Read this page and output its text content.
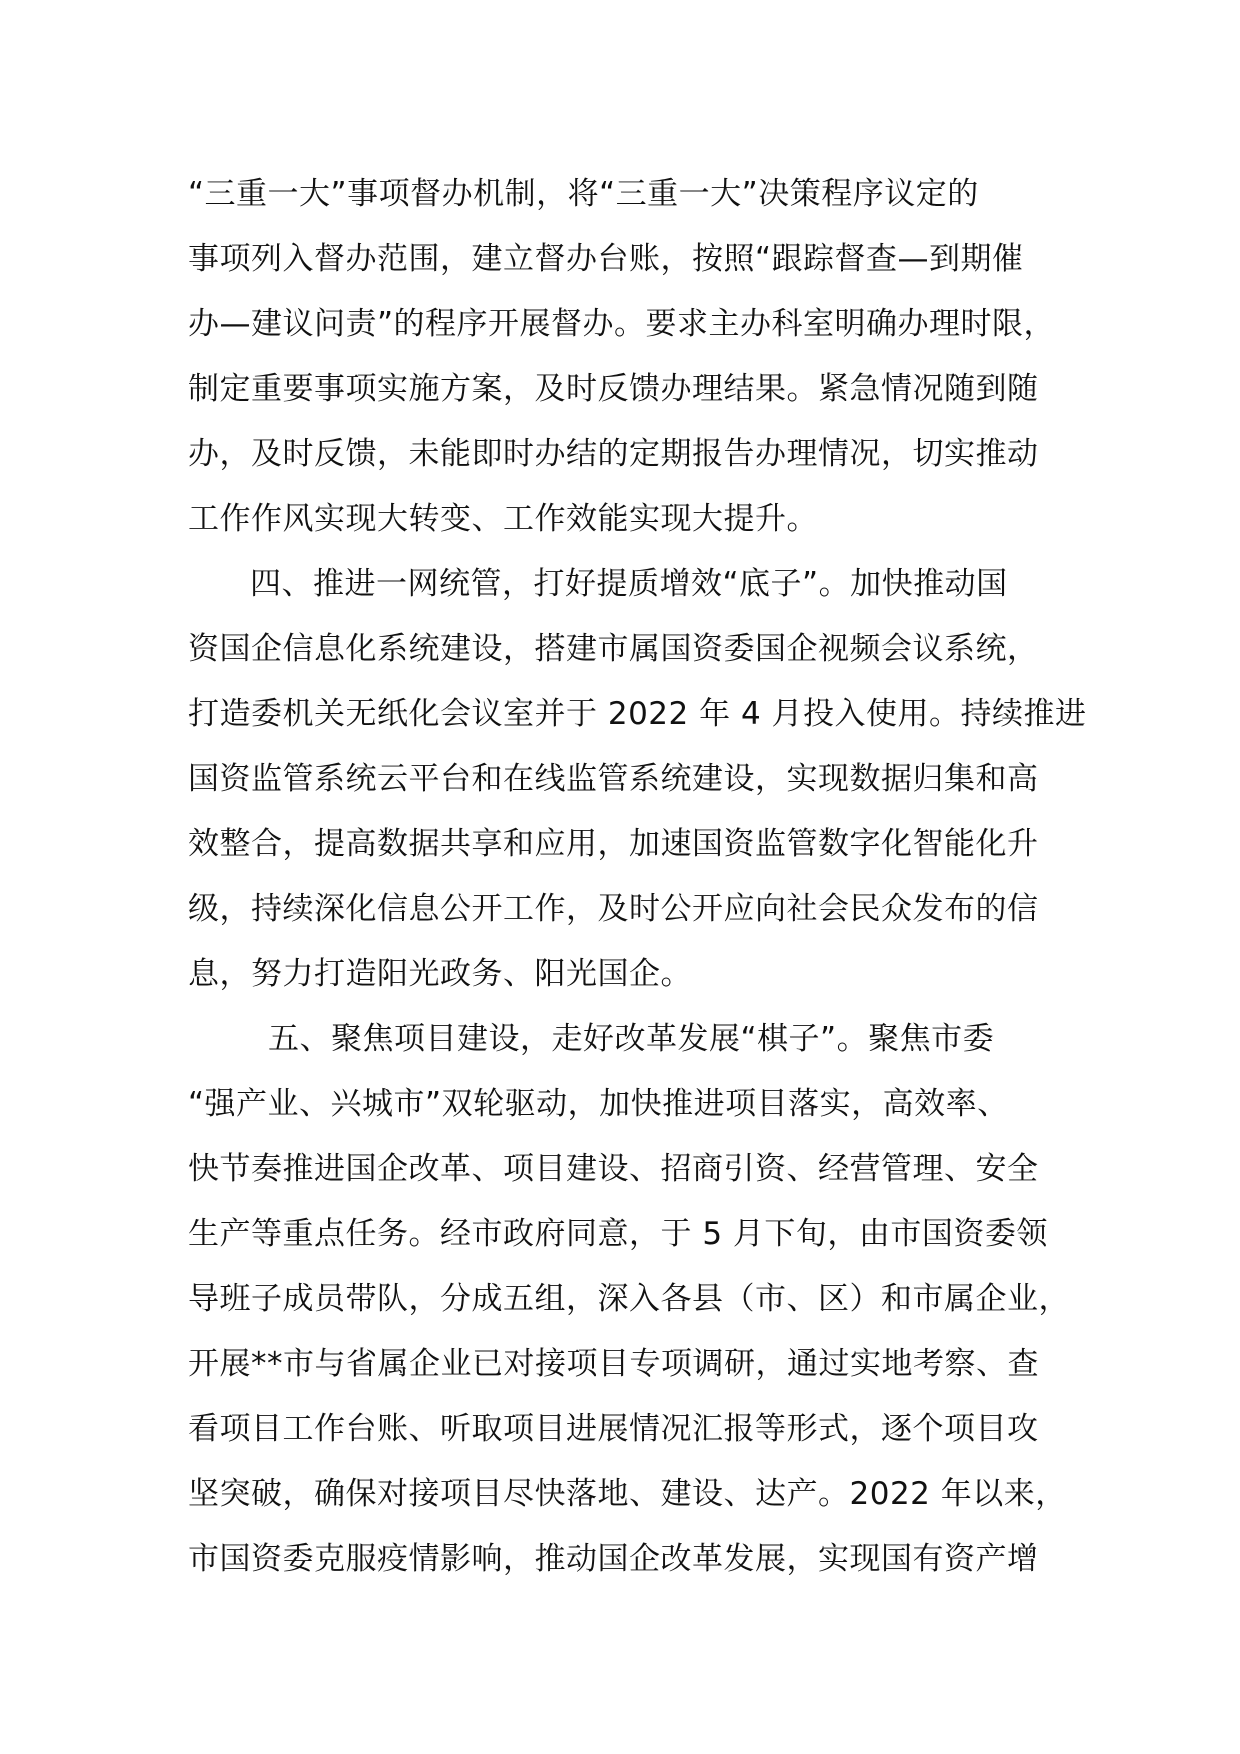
“三重一大”事项督办机制，将“三重一大”决策程序议定的
事项列入督办范围，建立督办台账，按照“跟踪督查—到期催
办—建议问责”的程序开展督办。要求主办科室明确办理时限，
制定重要事项实施方案，及时反馈办理结果。紧急情况随到随
办，及时反馈，未能即时办结的定期报告办理情况，切实推动
工作作风实现大转变、工作效能实现大提升。
四、推进一网统管，打好提质增效“底子”。加快推动国
资国企信息化系统建设，搭建市属国资委国企视频会议系统，
打造委机关无纸化会议室并于 2022 年 4 月投入使用。持续推进
国资监管系统云平台和在线监管系统建设，实现数据归集和高
效整合，提高数据共享和应用，加速国资监管数字化智能化升
级，持续深化信息公开工作，及时公开应向社会民众发布的信
息，努力打造阳光政务、阳光国企。
五、聚焦项目建设，走好改革发展“棋子”。聚焦市委
“强产业、兴城市”双轮驱动，加快推进项目落实，高效率、
快节奏推进国企改革、项目建设、招商引资、经营管理、安全
生产等重点任务。经市政府同意，于 5 月下旬，由市国资委领
导班子成员带队，分成五组，深入各县（市、区）和市属企业，
开展**市与省属企业已对接项目专项调研，通过实地考察、查
看项目工作台账、听取项目进展情况汇报等形式，逐个项目攻
坚突破，确保对接项目尽快落地、建设、达产。2022 年以来，
市国资委克服疫情影响，推动国企改革发展，实现国有资产增
